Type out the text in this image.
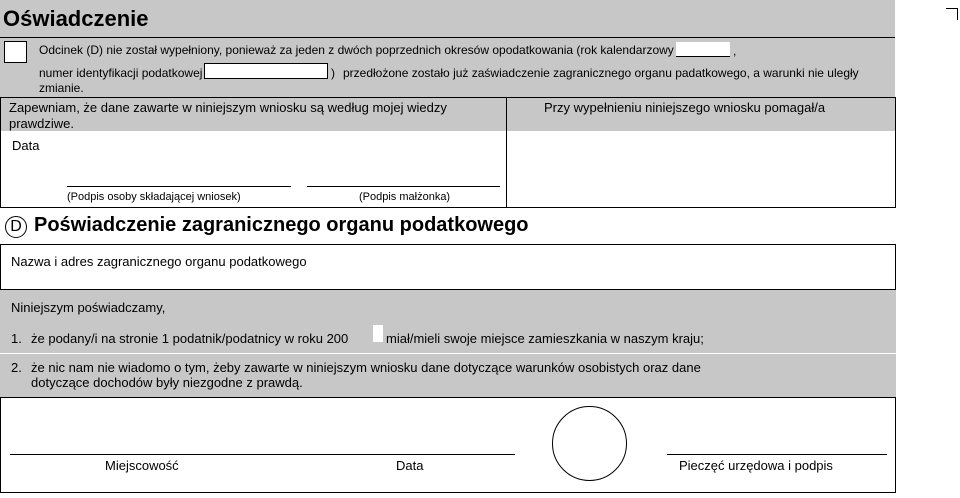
Oświadczenie
Odcinek (D) nie został wypełniony, ponieważ za jeden z dwóch poprzednich okresów opodatkowania (rok kalendarzowy	,
numer identyfikacji podatkowej	) przedłożone zostało już zaświadczenie zagranicznego organu padatkowego, a warunki nie uległy
zmianie.
Zapewniam, że dane zawarte w niniejszym wniosku są według mojej wiedzy
prawdziwe.
Data
Przy wypełnieniu niniejszego wniosku pomagał/a
(Podpis osoby składającej wniosek)	(Podpis małżonka)
D Poświadczenie zagranicznego organu podatkowego
Nazwa i adres zagranicznego organu podatkowego
Niniejszym poświadczamy,
1. że podany/i na stronie 1 podatnik/podatnicy w roku 200	miał/mieli swoje miejsce zamieszkania w naszym kraju;
2. że nic nam nie wiadomo o tym, żeby zawarte w niniejszym wniosku dane dotyczące warunków osobistych oraz dane
dotyczące dochodów były niezgodne z prawdą.
Miejscowość	Data	Pieczęć urzędowa i podpis
